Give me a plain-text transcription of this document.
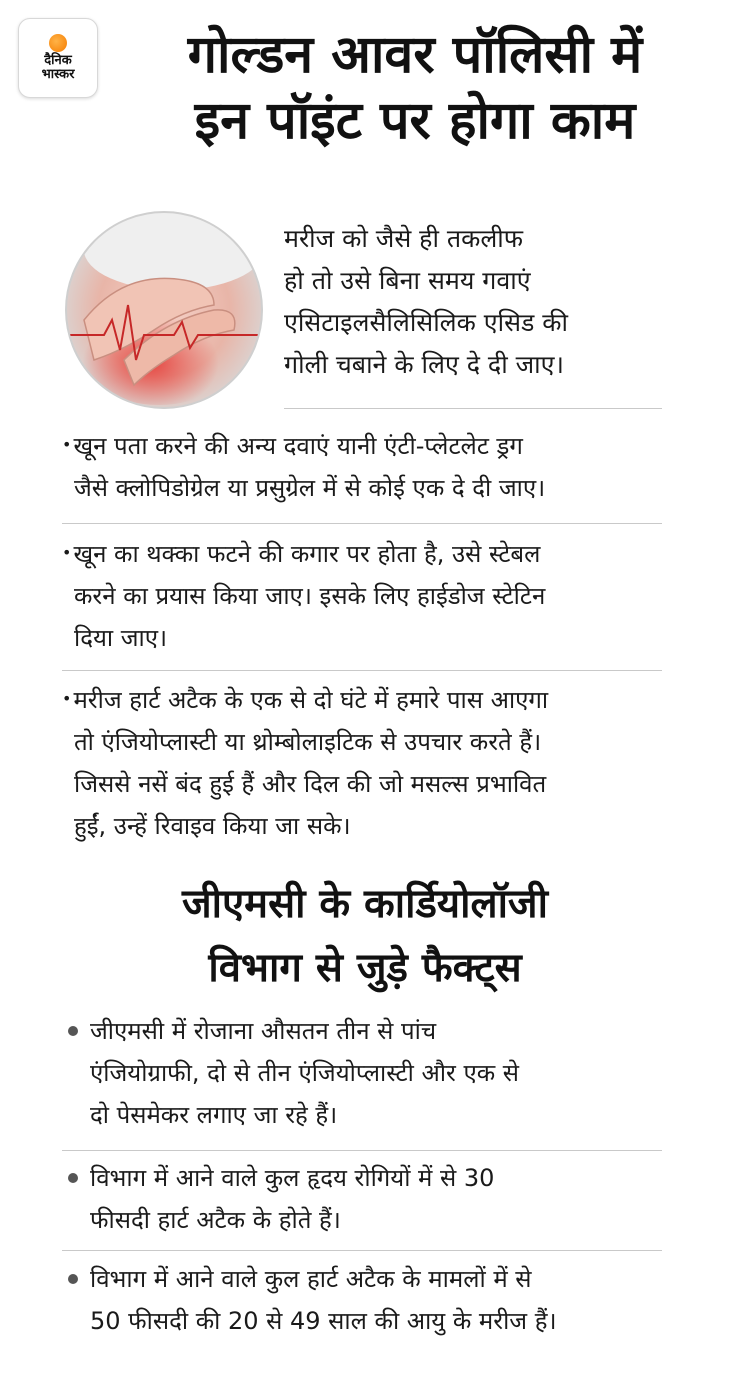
दैनिक
भास्कर	गोल्डन आवर पॉलिसी में
इन पॉइंट पर होगा काम
मरीज को जैसे ही तकलीफ
हो तो उसे बिना समय गवाएं
एसिटाइलसैलिसिलिक एसिड की
गोली चबाने के लिए दे दी जाए।
•खून पता करने की अन्य दवाएं यानी एंटी-प्लेटलेट ड्रग
जैसे क्लोपिडोग्रेल या प्रसुग्रेल में से कोई एक दे दी जाए।
•खून का थक्का फटने की कगार पर होता है, उसे स्टेबल
करने का प्रयास किया जाए। इसके लिए हाईडोज स्टेटिन
दिया जाए।
•मरीज हार्ट अटैक के एक से दो घंटे में हमारे पास आएगा
तो एंजियोप्लास्टी या थ्रोम्बोलाइटिक से उपचार करते हैं।
जिससे नसें बंद हुई हैं और दिल की जो मसल्स प्रभावित
हुईं, उन्हें रिवाइव किया जा सके।
जीएमसी के कार्डियोलॉजी
विभाग से जुड़े फैक्ट्स
जीएमसी में रोजाना औसतन तीन से पांच
एंजियोग्राफी, दो से तीन एंजियोप्लास्टी और एक से
दो पेसमेकर लगाए जा रहे हैं।
विभाग में आने वाले कुल हृदय रोगियों में से 30
फीसदी हार्ट अटैक के होते हैं।
विभाग में आने वाले कुल हार्ट अटैक के मामलों में से
50 फीसदी की 20 से 49 साल की आयु के मरीज हैं।
